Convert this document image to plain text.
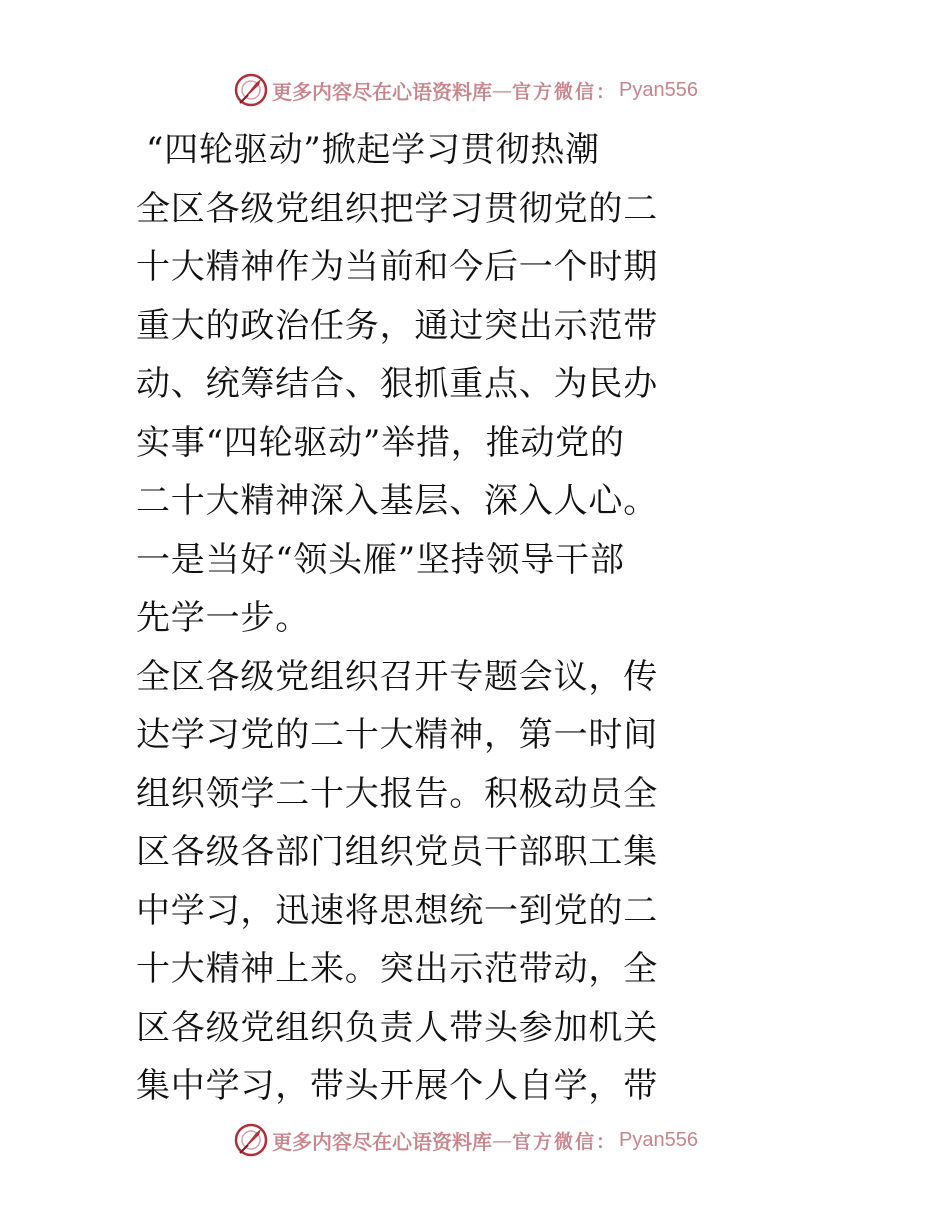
更多内容尽在心语资料库 — 官方微信： Pyan556

“四轮驱动”掀起学习贯彻热潮

全区各级党组织把学习贯彻党的二

十大精神作为当前和今后一个时期

重大的政治任务，通过突出示范带

动、统筹结合、狠抓重点、为民办

实事“四轮驱动”举措，推动党的

二十大精神深入基层、深入人心。

一是当好“领头雁”坚持领导干部

先学一步。

全区各级党组织召开专题会议，传

达学习党的二十大精神，第一时间

组织领学二十大报告。积极动员全

区各级各部门组织党员干部职工集

中学习，迅速将思想统一到党的二

十大精神上来。突出示范带动，全

区各级党组织负责人带头参加机关

集中学习，带头开展个人自学，带

更多内容尽在心语资料库 — 官方微信： Pyan556
